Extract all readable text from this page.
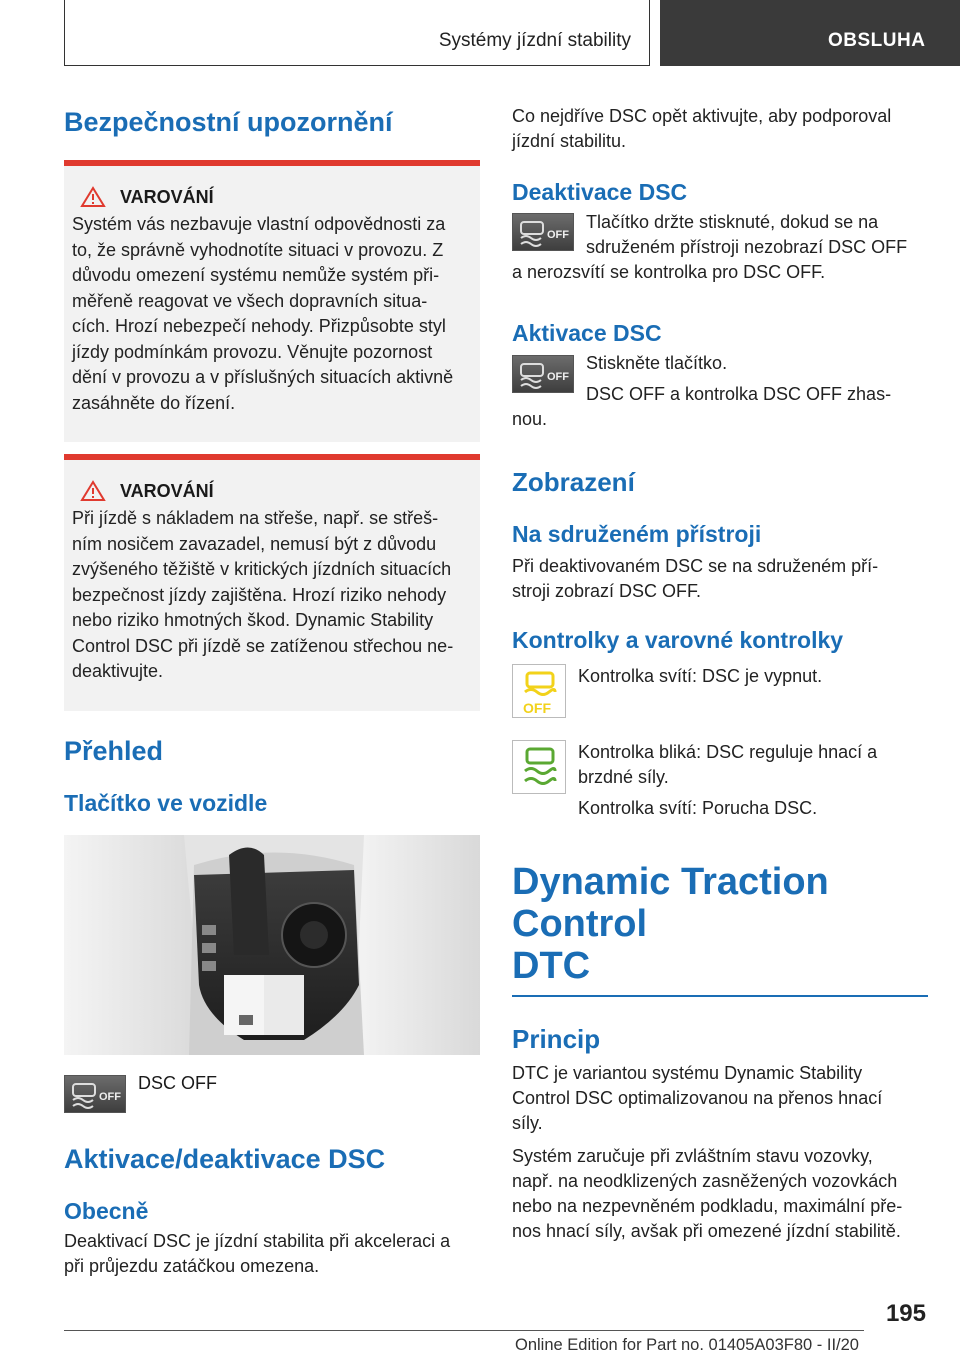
Systémy jízdní stability	OBSLUHA
Bezpečnostní upozornění
VAROVÁNÍ

Systém vás nezbavuje vlastní odpovědnosti za

to, že správně vyhodnotíte situaci v provozu. Z

důvodu omezení systému nemůže systém při‐

měřeně reagovat ve všech dopravních situa‐

cích. Hrozí nebezpečí nehody. Přizpůsobte styl

jízdy podmínkám provozu. Věnujte pozornost

dění v provozu a v příslušných situacích aktivně

zasáhněte do řízení.

VAROVÁNÍ

Při jízdě s nákladem na střeše, např. se střeš‐

ním nosičem zavazadel, nemusí být z důvodu

zvýšeného těžiště v kritických jízdních situacích

bezpečnost jízdy zajištěna. Hrozí riziko nehody

nebo riziko hmotných škod. Dynamic Stability

Control DSC při jízdě se zatíženou střechou ne‐

deaktivujte.

Přehled
Tlačítko ve vozidle
OFF
DSC OFF
Aktivace/deaktivace DSC
Obecně

Deaktivací DSC je jízdní stabilita při akceleraci a

při průjezdu zatáčkou omezena.

Co nejdříve DSC opět aktivujte, aby podporoval

jízdní stabilitu.

Deaktivace DSC
OFF

Tlačítko držte stisknuté, dokud se na

sdruženém přístroji nezobrazí DSC OFF

a nerozsvítí se kontrolka pro DSC OFF.

Aktivace DSC
OFF

Stiskněte tlačítko.

DSC OFF a kontrolka DSC OFF zhas‐

nou.

Zobrazení
Na sdruženém přístroji

Při deaktivovaném DSC se na sdruženém pří‐

stroji zobrazí DSC OFF.

Kontrolky a varovné kontrolky
OFF

Kontrolka svítí: DSC je vypnut.

Kontrolka bliká: DSC reguluje hnací a

brzdné síly.

Kontrolka svítí: Porucha DSC.

Dynamic Traction Control
DTC
Princip

DTC je variantou systému Dynamic Stability

Control DSC optimalizovanou na přenos hnací

síly.

Systém zaručuje při zvláštním stavu vozovky,

např. na neodklizených zasněžených vozovkách

nebo na nezpevněném podkladu, maximální pře‐

nos hnací síly, avšak při omezené jízdní stabilitě.

195
Online Edition for Part no. 01405A03F80 - II/20
